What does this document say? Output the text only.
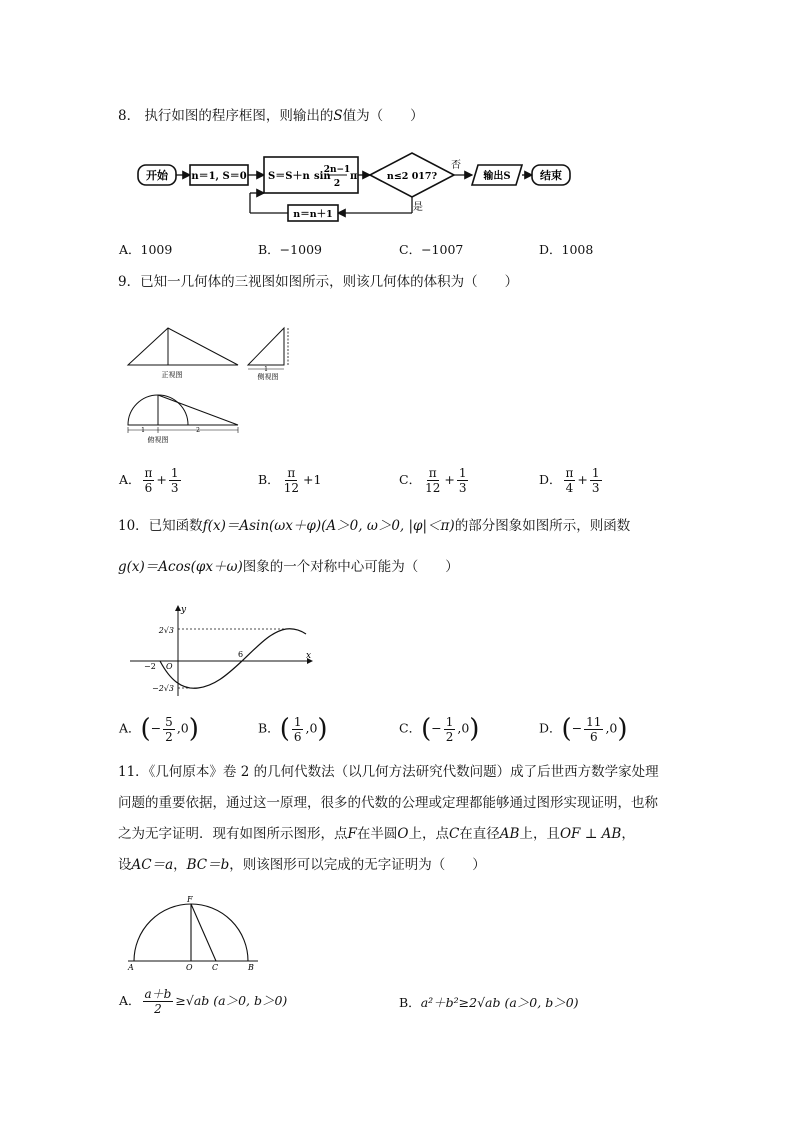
8． 执行如图的程序框图，则输出的S值为（　　）
开始 n＝1, S＝0 S＝S＋n sin
2n−1
2
π	n≤2 017?
否
输出S	结束
是
n＝n＋1
A．1009	B．−1009	C．−1007	D．1008
9．已知一几何体的三视图如图所示，则该几何体的体积为（　　）
正视图
1
侧视图
1	2
俯视图
A． $\frac{\pi}{6} + \frac{1}{3}$	B． $\frac{\pi}{12} +1$	C． $\frac{\pi}{12} + \frac{1}{3}$	D． $\frac{\pi}{4} + \frac{1}{3}$
10．已知函数f(x)＝Asin(ωx＋φ)(A＞0, ω＞0, |φ|＜π)的部分图象如图所示，则函数
g(x)＝Acos(φx＋ω)图象的一个对称中心可能为（　　）
y
x
2√3
−2√3
−2 O
6
A．(− $\frac{5}{2} ,0$)	B．( $\frac{1}{6} ,0$)	C．(− $\frac{1}{2} ,0$)	D．(− $\frac{11}{6} ,0$)
11．《几何原本》卷 2 的几何代数法（以几何方法研究代数问题）成了后世西方数学家处理
问题的重要依据，通过这一原理，很多的代数的公理或定理都能够通过图形实现证明，也称
之为无字证明．现有如图所示图形，点F在半圆O上，点C在直径AB上，且OF ⊥ AB，
设AC＝a，BC＝b，则该图形可以完成的无字证明为（　　）
A	O C	B
F
A． $\frac{a+b}{2} \ge√ab$ (a＞0, b＞0)	B．a²＋b²≥2√ab (a＞0, b＞0)
